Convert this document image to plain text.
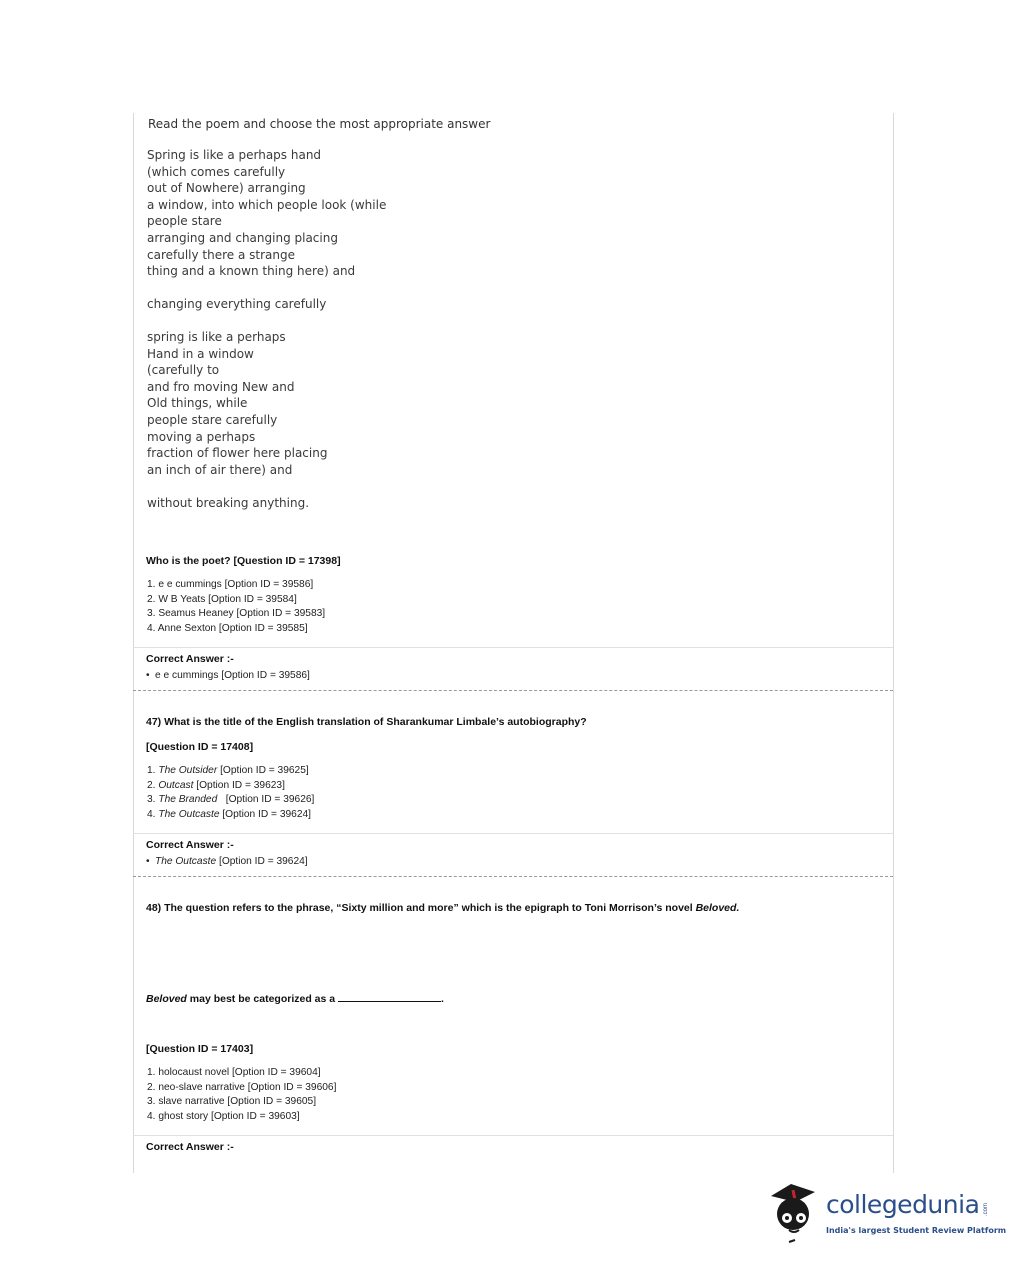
Read the poem and choose the most appropriate answer
Spring is like a perhaps hand
(which comes carefully
out of Nowhere) arranging
a window, into which people look (while
people stare
arranging and changing placing
carefully there a strange
thing and a known thing here) and
changing everything carefully
spring is like a perhaps
Hand in a window
(carefully to
and fro moving New and
Old things, while
people stare carefully
moving a perhaps
fraction of flower here placing
an inch of air there) and
without breaking anything.
Who is the poet? [Question ID = 17398]
1. e e cummings [Option ID = 39586]
2. W B Yeats [Option ID = 39584]
3. Seamus Heaney [Option ID = 39583]
4. Anne Sexton [Option ID = 39585]
Correct Answer :-
• e e cummings [Option ID = 39586]
47) What is the title of the English translation of Sharankumar Limbale’s autobiography?
[Question ID = 17408]
1. The Outsider [Option ID = 39625]
2. Outcast [Option ID = 39623]
3. The Branded   [Option ID = 39626]
4. The Outcaste [Option ID = 39624]
Correct Answer :-
• The Outcaste [Option ID = 39624]
48) The question refers to the phrase, “Sixty million and more” which is the epigraph to Toni Morrison’s novel Beloved.
Beloved may best be categorized as a	.
[Question ID = 17403]
1. holocaust novel [Option ID = 39604]
2. neo-slave narrative [Option ID = 39606]
3. slave narrative [Option ID = 39605]
4. ghost story [Option ID = 39603]
Correct Answer :-
collegedunia .com
India's largest Student Review Platform
